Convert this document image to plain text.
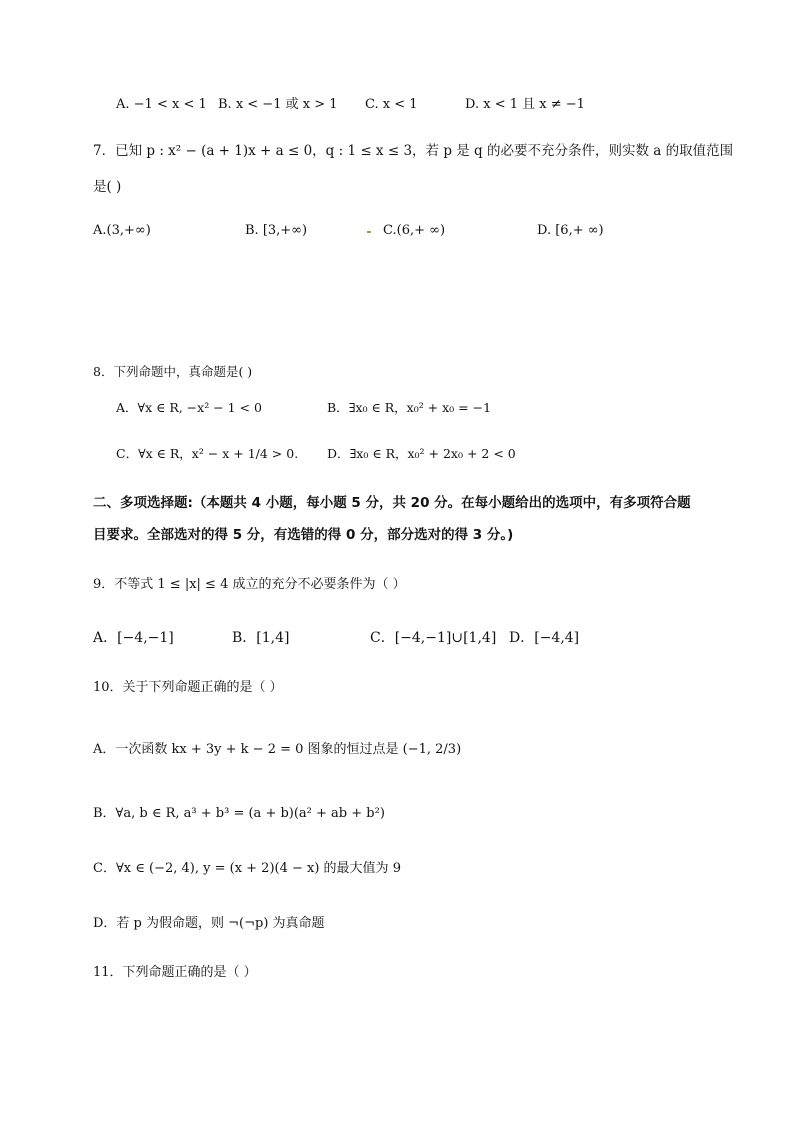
A. −1 < x < 1 B. x < −1 或 x > 1 C. x < 1	D. x < 1 且 x ≠ −1
7．已知 p : x² − (a + 1)x + a ≤ 0，q : 1 ≤ x ≤ 3，若 p 是 q 的必要不充分条件，则实数 a 的取值范围
是( )
A.(3,+∞)	B. [3,+∞)	C.(6,+ ∞)	D. [6,+ ∞)
8．下列命题中，真命题是( )
A．∀x ∈ R, −x² − 1 < 0	B．∃x₀ ∈ R，x₀² + x₀ = −1
C．∀x ∈ R，x² − x + 1/4 > 0. D．∃x₀ ∈ R，x₀² + 2x₀ + 2 < 0
二、多项选择题:（本题共 4 小题，每小题 5 分，共 20 分。在每小题给出的选项中，有多项符合题
目要求。全部选对的得 5 分，有选错的得 0 分，部分选对的得 3 分。)
9．不等式 1 ≤ |x| ≤ 4 成立的充分不必要条件为（ ）
A．[−4,−1]	B．[1,4]	C．[−4,−1]∪[1,4] D．[−4,4]
10．关于下列命题正确的是（ ）
A．一次函数 kx + 3y + k − 2 = 0 图象的恒过点是 (−1, 2/3)
B．∀a, b ∈ R, a³ + b³ = (a + b)(a² + ab + b²)
C．∀x ∈ (−2, 4), y = (x + 2)(4 − x) 的最大值为 9
D．若 p 为假命题，则 ¬(¬p) 为真命题
11．下列命题正确的是（ ）
